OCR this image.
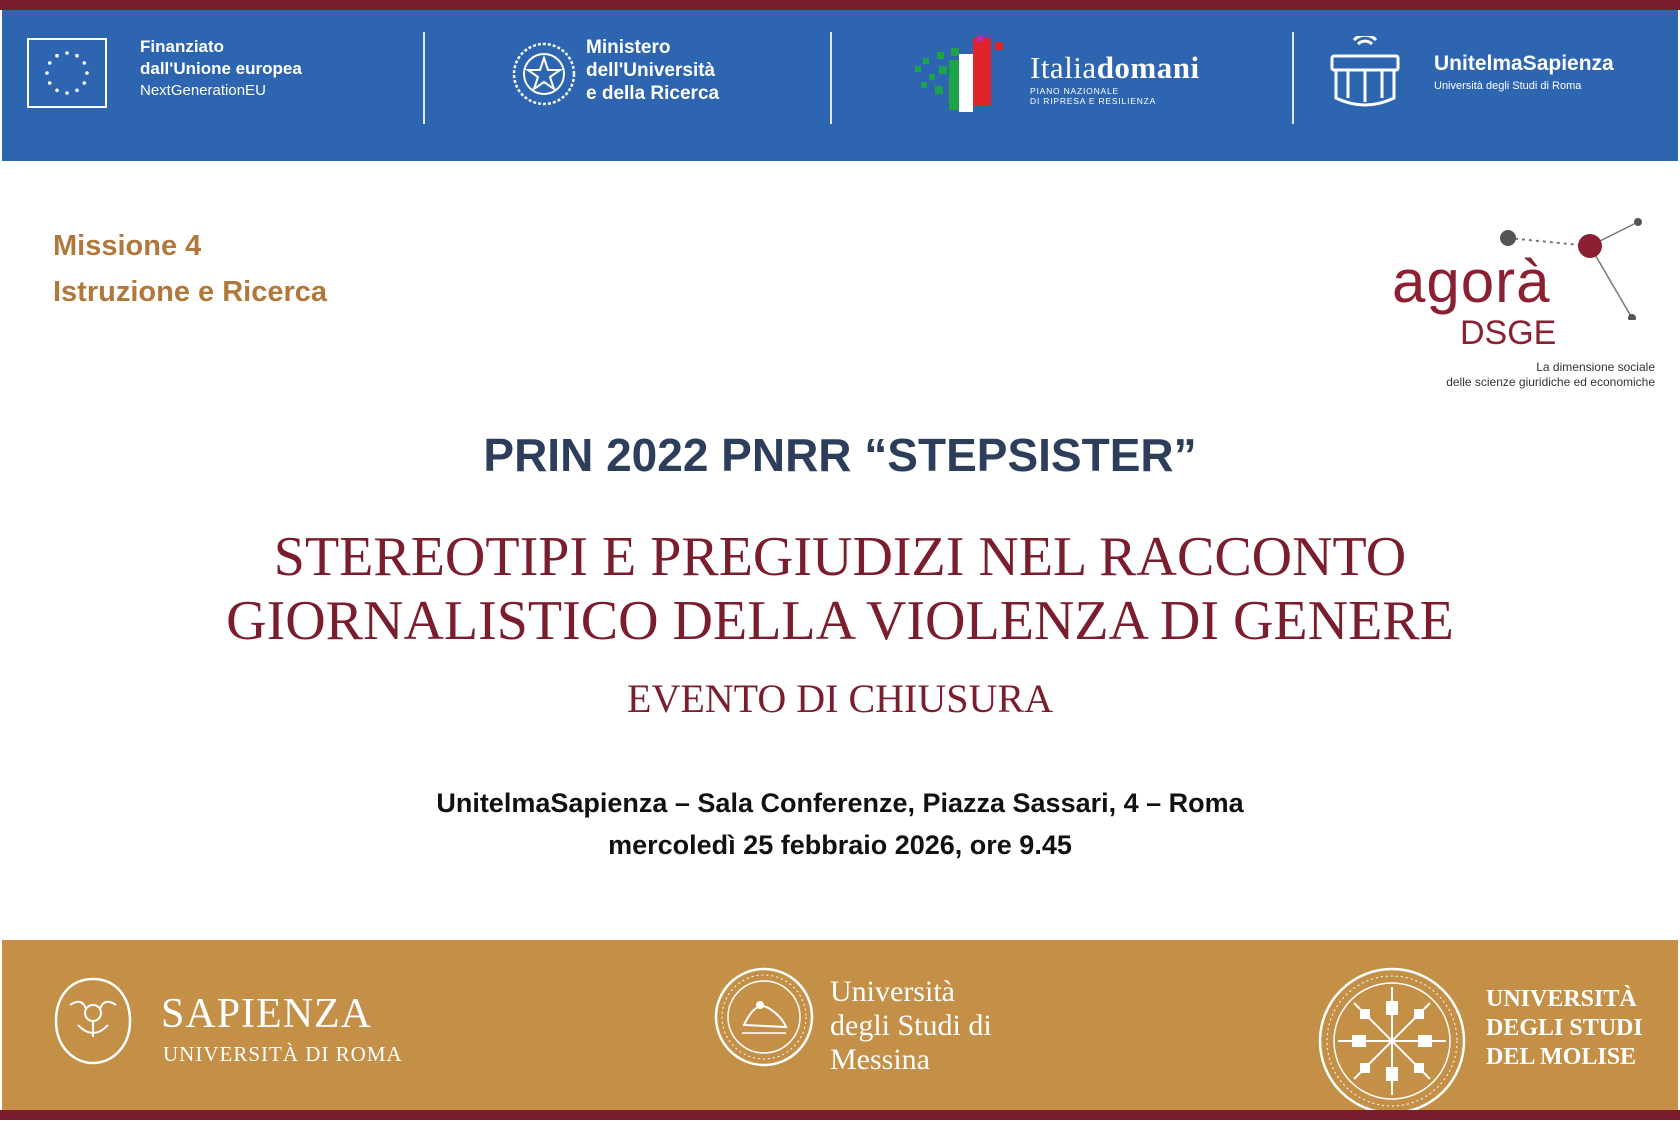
Finanziato
dall'Unione europea
NextGenerationEU
Ministero
dell'Università
e della Ricerca
Italiadomani
PIANO NAZIONALE
DI RIPRESA E RESILIENZA
UnitelmaSapienza
Università degli Studi di Roma
Missione 4
Istruzione e Ricerca	agorà
DSGE
La dimensione sociale
delle scienze giuridiche ed economiche
PRIN 2022 PNRR “STEPSISTER”
STEREOTIPI E PREGIUDIZI NEL RACCONTO
GIORNALISTICO DELLA VIOLENZA DI GENERE
EVENTO DI CHIUSURA
UnitelmaSapienza – Sala Conferenze, Piazza Sassari, 4 – Roma
mercoledì 25 febbraio 2026, ore 9.45
SAPIENZA
UNIVERSITÀ DI ROMA
Università
degli Studi di
Messina
UNIVERSITÀ
DEGLI STUDI
DEL MOLISE
